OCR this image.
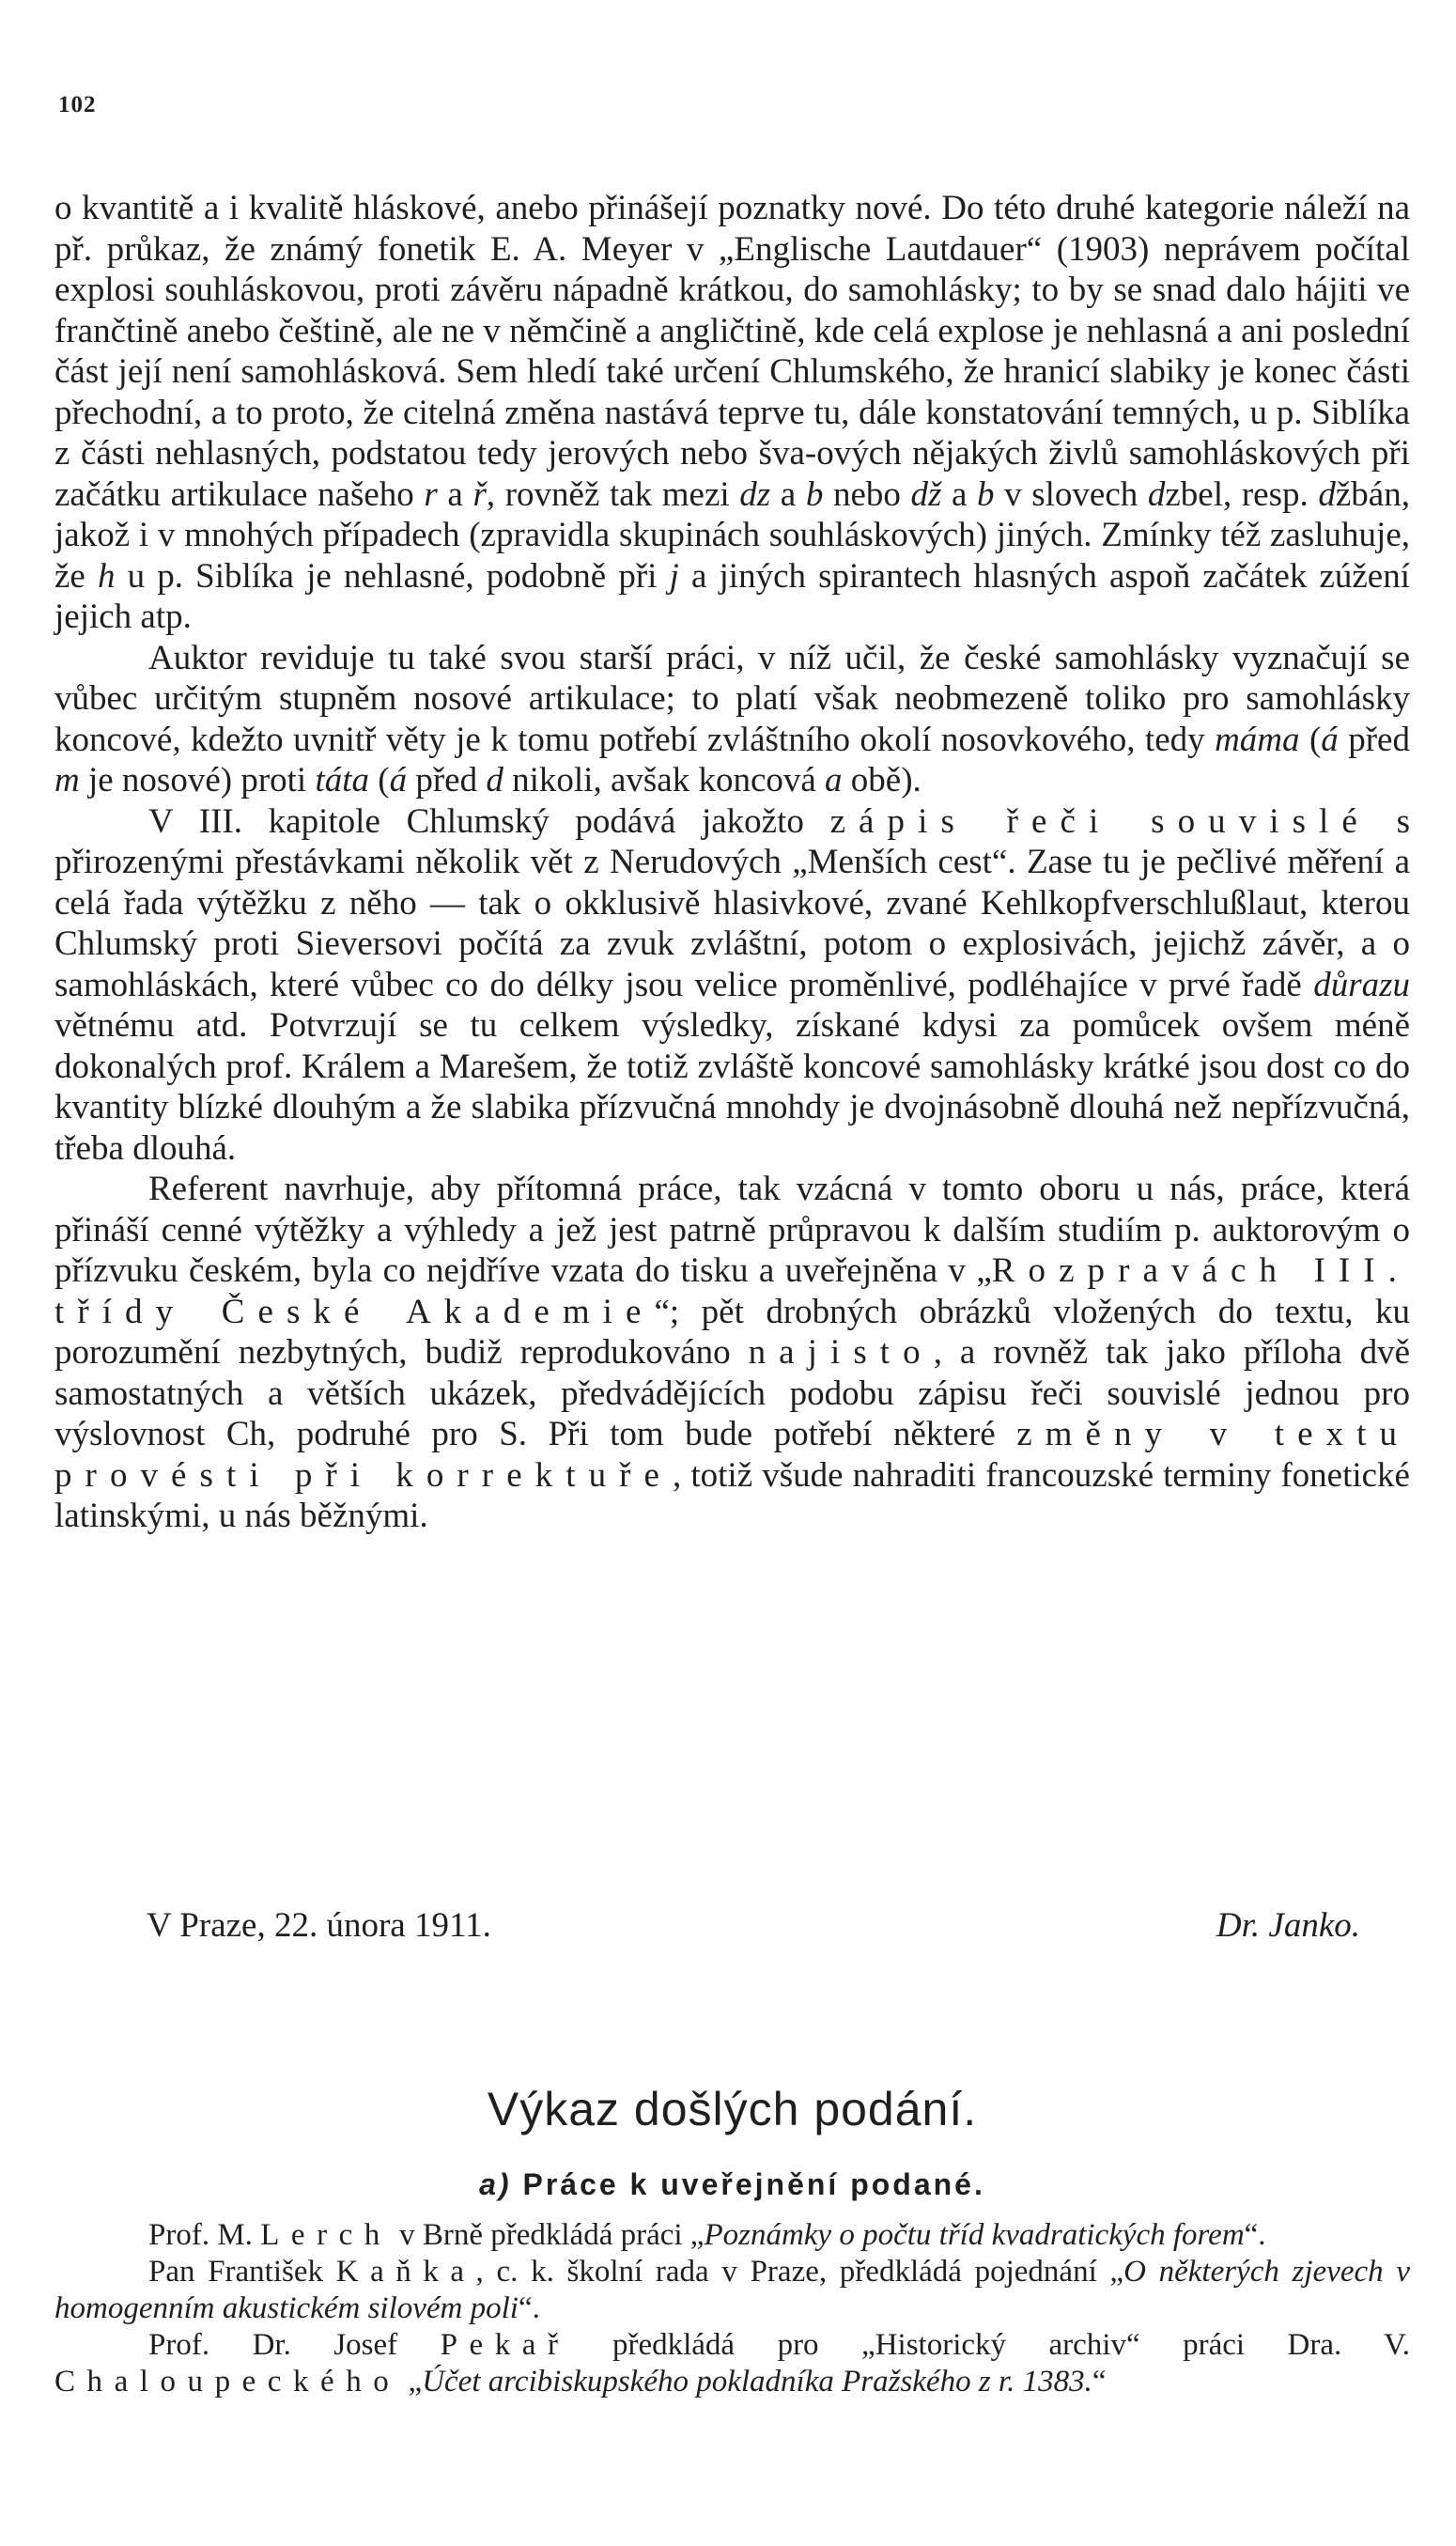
102

o kvantitě a i kvalitě hláskové, anebo přinášejí poznatky nové. Do této druhé kategorie náleží na př. průkaz, že známý fonetik E. A. Meyer v „Englische Lautdauer“ (1903) neprávem počítal explosi souhláskovou, proti závěru nápadně krátkou, do samohlásky; to by se snad dalo hájiti ve frančtině anebo češtině, ale ne v němčině a angličtině, kde celá explose je nehlasná a ani poslední část její není samohlásková. Sem hledí také určení Chlumského, že hranicí slabiky je konec části přechodní, a to proto, že citelná změna nastává teprve tu, dále konstatování temných, u p. Siblíka z části nehlasných, podstatou tedy jerových nebo šva-ových nějakých živlů samohláskových při začátku artikulace našeho r a ř, rovněž tak mezi dz a b nebo dž a b v slovech dzbel, resp. džbán, jakož i v mnohých případech (zpravidla skupinách souhláskových) jiných. Zmínky též zasluhuje, že h u p. Siblíka je nehlasné, podobně při j a jiných spirantech hlasných aspoň začátek zúžení jejich atp.

Auktor reviduje tu také svou starší práci, v níž učil, že české samohlásky vyznačují se vůbec určitým stupněm nosové artikulace; to platí však neobmezeně toliko pro samohlásky koncové, kdežto uvnitř věty je k tomu potřebí zvláštního okolí nosovkového, tedy máma (á před m je nosové) proti táta (á před d nikoli, avšak koncová a obě).

V III. kapitole Chlumský podává jakožto zápis řeči souvislé s přirozenými přestávkami několik vět z Nerudových „Menších cest“. Zase tu je pečlivé měření a celá řada výtěžku z něho — tak o okklusivě hlasivkové, zvané Kehlkopfverschlußlaut, kterou Chlumský proti Sieversovi počítá za zvuk zvláštní, potom o explosivách, jejichž závěr, a o samohláskách, které vůbec co do délky jsou velice proměnlivé, podléhajíce v prvé řadě důrazu větnému atd. Potvrzují se tu celkem výsledky, získané kdysi za pomůcek ovšem méně dokonalých prof. Králem a Marešem, že totiž zvláště koncové samohlásky krátké jsou dost co do kvantity blízké dlouhým a že slabika přízvučná mnohdy je dvojnásobně dlouhá než nepřízvučná, třeba dlouhá.

Referent navrhuje, aby přítomná práce, tak vzácná v tomto oboru u nás, práce, která přináší cenné výtěžky a výhledy a jež jest patrně průpravou k dalším studiím p. auktorovým o přízvuku českém, byla co nejdříve vzata do tisku a uveřejněna v „Rozpravách III. třídy České Akademie“; pět drobných obrázků vložených do textu, ku porozumění nezbytných, budiž reprodukováno najisto, a rovněž tak jako příloha dvě samostatných a větších ukázek, předvádějících podobu zápisu řeči souvislé jednou pro výslovnost Ch, podruhé pro S. Při tom bude potřebí některé změny v textu provésti při korrektuře, totiž všude nahraditi francouzské terminy fonetické latinskými, u nás běžnými.

V Praze, 22. února 1911.	Dr. Janko.
Výkaz došlých podání.
a) Práce k uveřejnění podané.

Prof. M. Lerch v Brně předkládá práci „Poznámky o počtu tříd kvadratických forem“.

Pan František Kaňka, c. k. školní rada v Praze, předkládá pojednání „O některých zjevech v homogenním akustickém silovém poli“.

Prof. Dr. Josef Pekař předkládá pro „Historický archiv“ práci Dra. V. Chaloupeckého „Účet arcibiskupského pokladníka Pražského z r. 1383.“
